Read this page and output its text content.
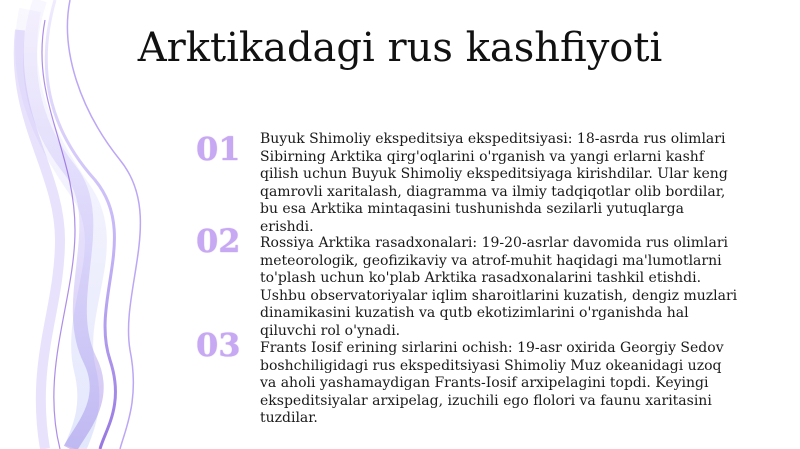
Arktikadagi rus kashfiyoti
01	Buyuk Shimoliy ekspeditsiya ekspeditsiyasi: 18-asrda rus olimlari Sibirning Arktika qirg'oqlarini o'rganish va yangi erlarni kashf qilish uchun Buyuk Shimoliy ekspeditsiyaga kirishdilar. Ular keng qamrovli xaritalash, diagramma va ilmiy tadqiqotlar olib bordilar, bu esa Arktika mintaqasini tushunishda sezilarli yutuqlarga erishdi.
02	Rossiya Arktika rasadxonalari: 19-20-asrlar davomida rus olimlari meteorologik, geofizikaviy va atrof-muhit haqidagi ma'lumotlarni to'plash uchun ko'plab Arktika rasadxonalarini tashkil etishdi. Ushbu observatoriyalar iqlim sharoitlarini kuzatish, dengiz muzlari dinamikasini kuzatish va qutb ekotizimlarini o'rganishda hal qiluvchi rol o'ynadi.
03	Frants Iosif erining sirlarini ochish: 19-asr oxirida Georgiy Sedov boshchiligidagi rus ekspeditsiyasi Shimoliy Muz okeanidagi uzoq va aholi yashamaydigan Frants-Iosif arxipelagini topdi. Keyingi ekspeditsiyalar arxipelag, izuchili ego flolori va faunu xaritasini tuzdilar.
